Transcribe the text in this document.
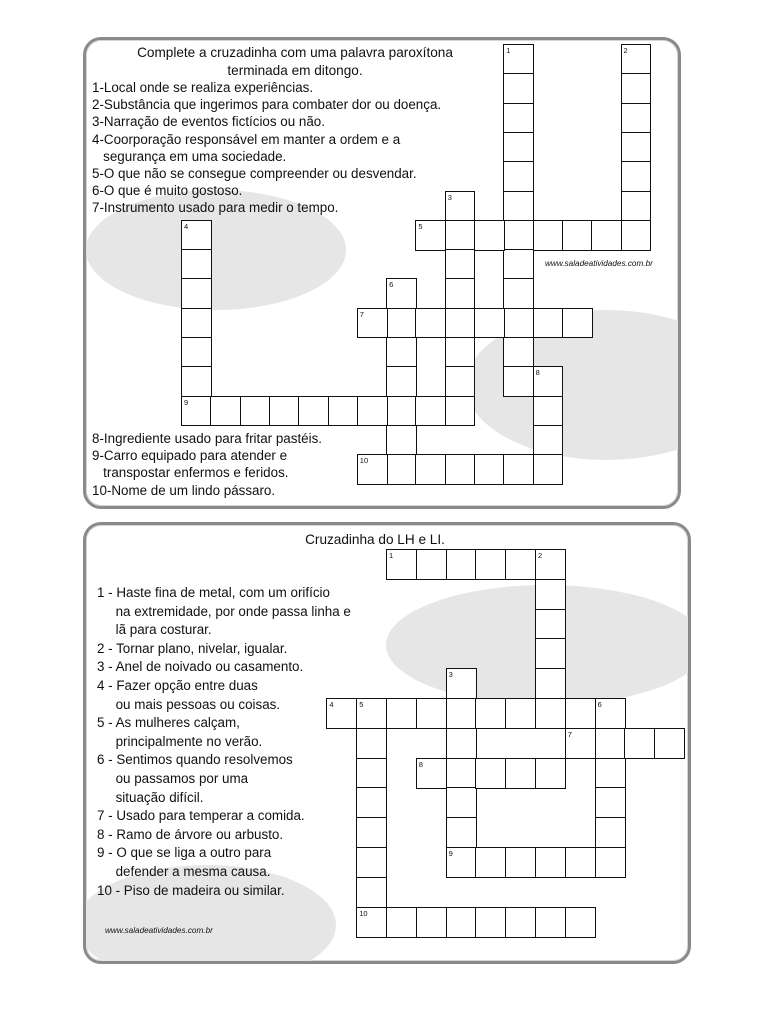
Complete a cruzadinha com uma palavra paroxítona
terminada em ditongo.
1-Local onde se realiza experiências.
2-Substância que ingerimos para combater dor ou doença.
3-Narração de eventos fictícios ou não.
4-Coorporação responsável em manter a ordem e a
segurança em uma sociedade.
5-O que não se consegue compreender ou desvendar.
6-O que é muito gostoso.
7-Instrumento usado para medir o tempo.
8-Ingrediente usado para fritar pastéis.
9-Carro equipado para atender e
transpostar enfermos e feridos.
10-Nome de um lindo pássaro.
www.saladeatividades.com.br
Cruzadinha do LH e LI.
1 - Haste fina de metal, com um orifício
na extremidade, por onde passa linha e
lã para costurar.
2 - Tornar plano, nivelar, igualar.
3 - Anel de noivado ou casamento.
4 - Fazer opção entre duas
ou mais pessoas ou coisas.
5 - As mulheres calçam,
principalmente no verão.
6 - Sentimos quando resolvemos
ou passamos por uma
situação difícil.
7 - Usado para temperar a comida.
8 - Ramo de árvore ou arbusto.
9 - O que se liga a outro para
defender a mesma causa.
10 - Piso de madeira ou similar.
www.saladeatividades.com.br
1	2
3
4	5
6
7
8
9
10
1	2
3
4	5	6
7
8
9
10
